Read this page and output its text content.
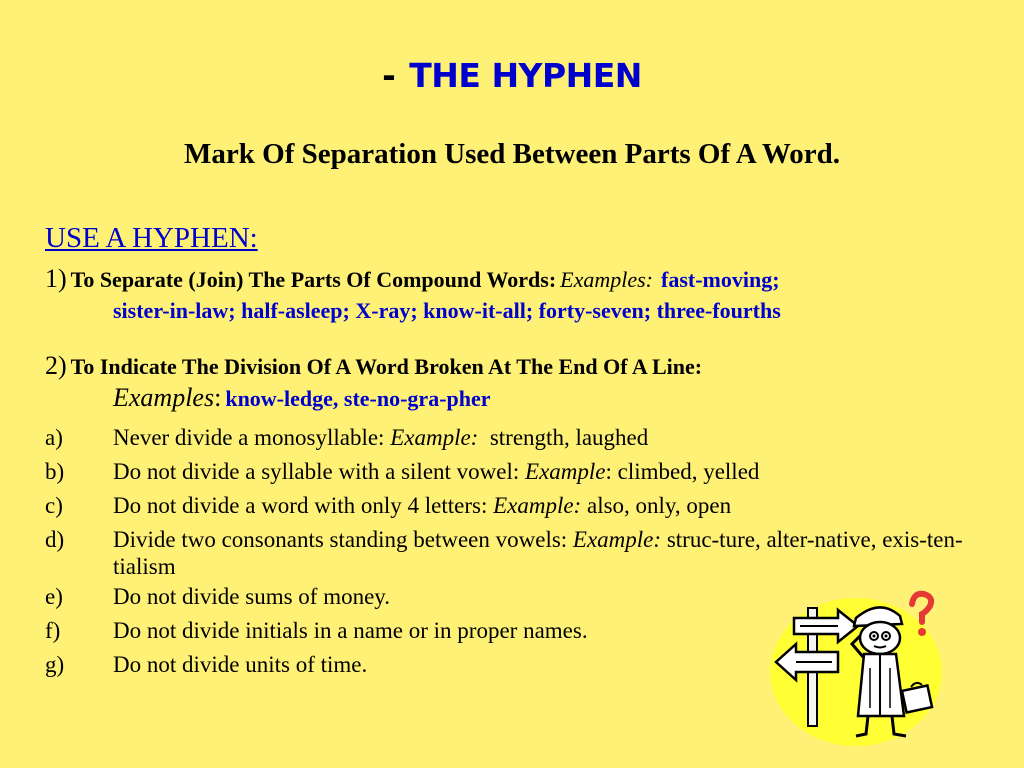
- THE HYPHEN
Mark Of Separation Used Between Parts Of A Word.
USE A HYPHEN:
1) To Separate (Join) The Parts Of Compound Words: Examples: fast-moving;
sister-in-law; half-asleep; X-ray; know-it-all; forty-seven; three-fourths
2) To Indicate The Division Of A Word Broken At The End Of A Line:
Examples: know-ledge, ste-no-gra-pher
a)	Never divide a monosyllable: Example:  strength, laughed
b)	Do not divide a syllable with a silent vowel: Example: climbed, yelled
c)	Do not divide a word with only 4 letters: Example: also, only, open
d)	Divide two consonants standing between vowels: Example: struc-ture, alter-native, exis-ten-tialism
e)	Do not divide sums of money.
f)	Do not divide initials in a name or in proper names.
g)	Do not divide units of time.
